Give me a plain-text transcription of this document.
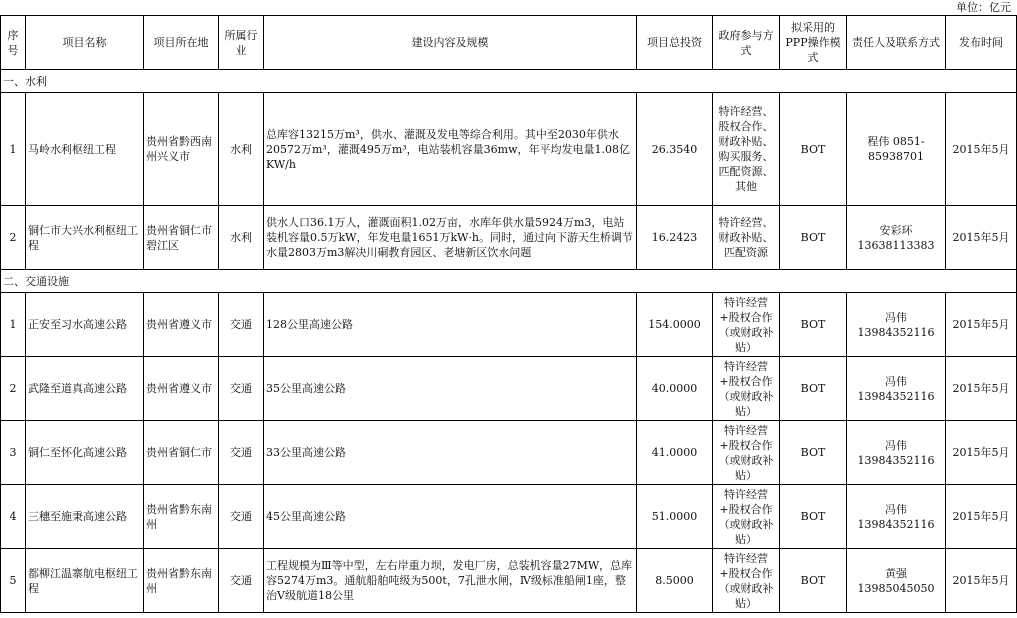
单位：亿元
序号	项目名称	项目所在地	所属行业	建设内容及规模	项目总投资	政府参与方式	拟采用的PPP操作模式	责任人及联系方式	发布时间
一、水利									
1	马岭水利枢纽工程	贵州省黔西南州兴义市	水利	总库容13215万m³，供水、灌溉及发电等综合利用。其中至2030年供水20572万m³，灌溉495万m³，电站装机容量36mw，年平均发电量1.08亿KW/h	26.3540	特许经营、股权合作、财政补贴、购买服务、匹配资源、其他	BOT	程伟 0851-85938701	2015年5月
2	铜仁市大兴水利枢纽工程	贵州省铜仁市碧江区	水利	供水人口36.1万人，灌溉面积1.02万亩，水库年供水量5924万m3，电站装机容量0.5万kW，年发电量1651万kW·h。同时，通过向下游天生桥调节水量2803万m3解决川硐教育园区、老塘新区饮水问题	16.2423	特许经营、财政补贴、匹配资源	BOT	安彩环 13638113383	2015年5月
二、交通设施									
1	正安至习水高速公路	贵州省遵义市	交通	128公里高速公路	154.0000	特许经营+股权合作（或财政补贴）	BOT	冯伟 13984352116	2015年5月
2	武隆至道真高速公路	贵州省遵义市	交通	35公里高速公路	40.0000	特许经营+股权合作（或财政补贴）	BOT	冯伟 13984352116	2015年5月
3	铜仁至怀化高速公路	贵州省铜仁市	交通	33公里高速公路	41.0000	特许经营+股权合作（或财政补贴）	BOT	冯伟 13984352116	2015年5月
4	三穗至施秉高速公路	贵州省黔东南州	交通	45公里高速公路	51.0000	特许经营+股权合作（或财政补贴）	BOT	冯伟 13984352116	2015年5月
5	都柳江温寨航电枢纽工程	贵州省黔东南州	交通	工程规模为Ⅲ等中型，左右岸重力坝，发电厂房，总装机容量27MW，总库容5274万m3。通航船舶吨级为500t，7孔泄水闸，Ⅳ级标准船闸1座，整治V级航道18公里	8.5000	特许经营+股权合作（或财政补贴）	BOT	黄强 13985045050	2015年5月
